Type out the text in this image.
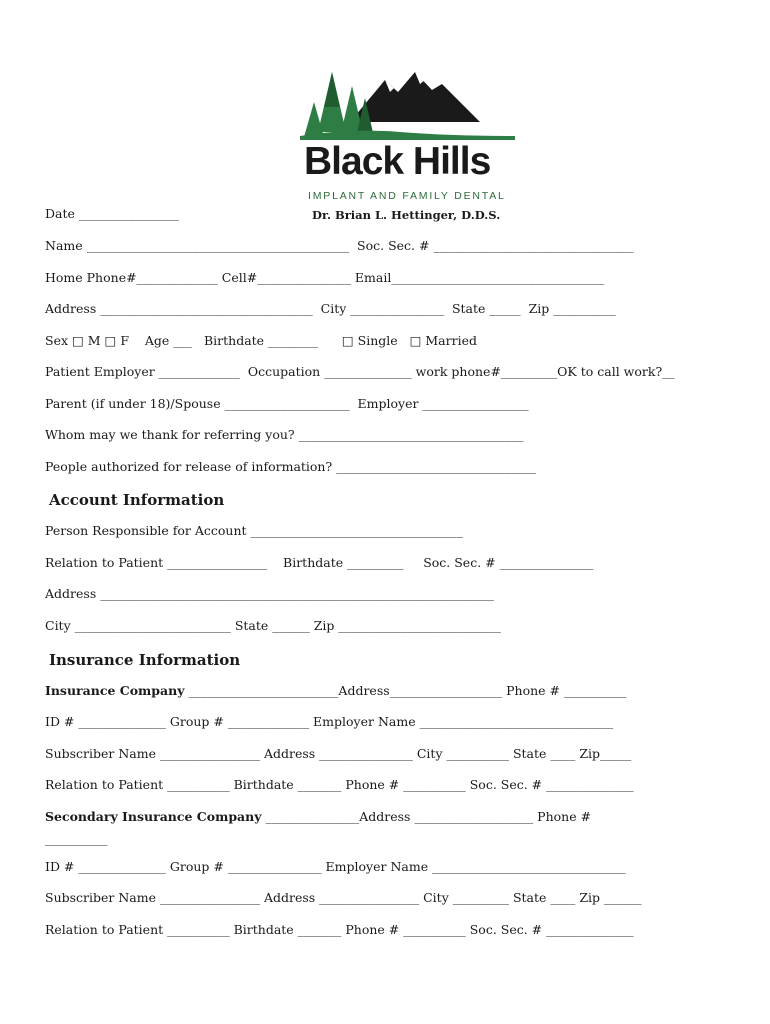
Black Hills
IMPLANT AND FAMILY DENTAL
Dr. Brian L. Hettinger, D.D.S.
Date ________________
Name __________________________________________  Soc. Sec. # ________________________________
Home Phone#_____________ Cell#_______________ Email__________________________________
Address __________________________________  City _______________  State _____  Zip __________
Sex □ M □ F    Age ___   Birthdate ________      □ Single   □ Married
Patient Employer _____________  Occupation ______________ work phone#_________OK to call work?__
Parent (if under 18)/Spouse ____________________  Employer _________________
Whom may we thank for referring you? ____________________________________
People authorized for release of information? ________________________________
Account Information
Person Responsible for Account __________________________________
Relation to Patient ________________    Birthdate _________     Soc. Sec. # _______________
Address _______________________________________________________________
City _________________________ State ______ Zip __________________________
Insurance Information
Insurance Company ________________________Address__________________ Phone # __________
ID # ______________ Group # _____________ Employer Name _______________________________
Subscriber Name ________________ Address _______________ City __________ State ____ Zip_____
Relation to Patient __________ Birthdate _______ Phone # __________ Soc. Sec. # ______________
Secondary Insurance Company _______________Address ___________________ Phone #
__________
ID # ______________ Group # _______________ Employer Name _______________________________
Subscriber Name ________________ Address ________________ City _________ State ____ Zip ______
Relation to Patient __________ Birthdate _______ Phone # __________ Soc. Sec. # ______________
